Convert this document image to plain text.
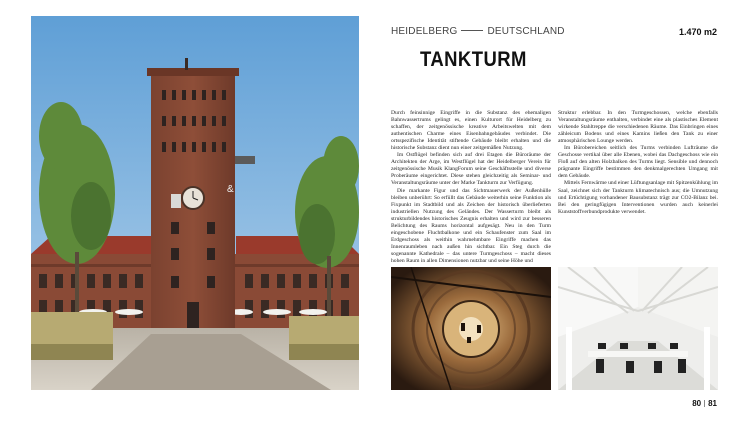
&
HEIDELBERG	DEUTSCHLAND	1.470 m2
TANKTURM

Durch feinsinnige Eingriffe in die Substanz des ehemaligen Bahnwassertrums gelingt es, einen Kulturort für Heidelberg zu schaffen, der zeitgenössische kreative Arbeitswelten mit dem authentischen Charme eines Eisenbahngebäudes verbindet. Die ortsspezifische Identität stiftende Gebäude bleibt erhalten und die historische Substanz dient nun einer zeitgemäßen Nutzung.

Im Ostflügel befinden sich auf drei Etagen die Büroräume der Architekten der Arge, im Westflügel hat der Heidelberger Verein für zeitgenössische Musik KlangForum seine Geschäftsstelle und diverse Proberäume eingerichtet. Diese stehen gleichzeitig als Seminar- und Veranstaltungsräume unter der Marke Tankturm zur Verfügung.

Die markante Figur und das Sichtmauerwerk der Außenhülle bleiben unberührt: So erfüllt das Gebäude weiterhin seine Funktion als Fixpunkt im Stadtbild und als Zeichen der historisch überlieferten industriellen Nutzung des Geländes. Der Wasserturm bleibt als strukturbildendes historisches Zeugnis erhalten und wird zur besseren Belichtung des Raums horizontal aufgesägt. Neu in den Turm eingeschobene Fluchtbalkone und ein Schaufenster zum Saal im Erdgeschoss als weithin wahrnehmbare Eingriffe machen das Innenraumleben nach außen hin sichtbar. Ein Steg durch die sogenannte Kathedrale – das untere Turmgeschoss – macht dieses hohen Raum in allen Dimensionen nutzbar und seine Höhe und

Struktur erlebbar. In den Turmgeschossen, welche ebenfalls Veranstaltungsräume enthalten, verbindet eine als plastisches Element wirkende Stahltreppe die verschiedenen Räume. Das Einbringen eines zähleicum Bodens und eines Kamins ließen den Tank zu einer atmosphärischen Lounge werden.

Im Bürobereichen seitlich des Turms verbinden Lufträume die Geschosse vertikal über alle Ebenen, wobei das Dachgeschoss wie ein Floß auf den alten Holzbalken des Turms liegt. Sensible und dennoch prägnante Eingriffe bestimmen den denkmalgerechten Umgang mit dem Gebäude.

Mittels Fernwärme und einer Lüftungsanlage mit Spitzenkühlung im Saal, zeichnet sich der Tankturm klimatechnisch aus; die Umnutzung und Ertüchtigung vorhandener Bausubstanz trägt zur CO2-Bilanz bei. Bei den geringfügigen Interventionen wurden auch keinerlei Kunststoffverbundprodukte verwendet.

80 81
